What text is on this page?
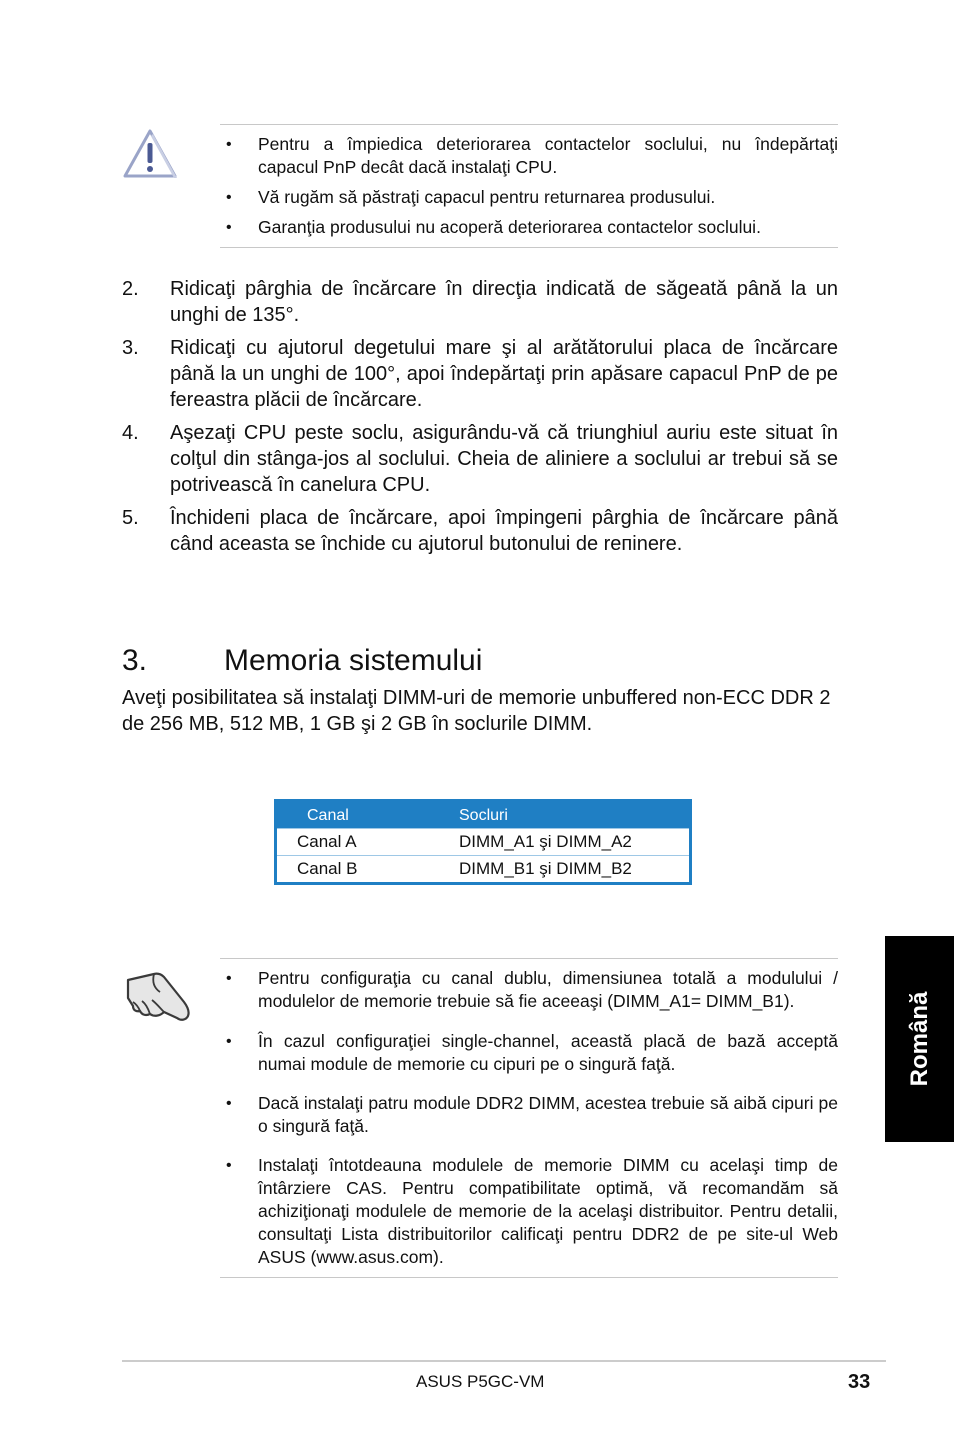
• Pentru a împiedica deteriorarea contactelor soclului, nu îndepărtaţi capacul PnP decât dacă instalaţi CPU.
• Vă rugăm să păstraţi capacul pentru returnarea produsului.
• Garanţia produsului nu acoperă deteriorarea contactelor soclului.
2. Ridicaţi pârghia de încărcare în direcţia indicată de săgeată până la un unghi de 135°.
3. Ridicaţi cu ajutorul degetului mare şi al arătătorului placa de încărcare până la un unghi de 100°, apoi îndepărtaţi prin apăsare capacul PnP de pe fereastra plăcii de încărcare.
4. Aşezaţi CPU peste soclu, asigurându-vă că triunghiul auriu este situat în colţul din stânga-jos al soclului. Cheia de aliniere a soclului ar trebui să se potrivească în canelura CPU.
5. Închideпi placa de încărcare, apoi împingeпi pârghia de încărcare până când aceasta se închide cu ajutorul butonului de reпinere.
3.	Memoria sistemului

Aveţi posibilitatea să instalaţi DIMM-uri de memorie unbuffered non-ECC DDR 2 de 256 MB, 512 MB, 1 GB şi 2 GB în soclurile DIMM.

Canal	Socluri
Canal A	DIMM_A1 şi DIMM_A2
Canal B	DIMM_B1 şi DIMM_B2
• Pentru configuraţia cu canal dublu, dimensiunea totală a modulului / modulelor de memorie trebuie să fie aceeaşi (DIMM_A1= DIMM_B1).
• În cazul configuraţiei single-channel, această placă de bază acceptă numai module de memorie cu cipuri pe o singură faţă.
• Dacă instalaţi patru module DDR2 DIMM, acestea trebuie să aibă cipuri pe o singură faţă.
• Instalaţi întotdeauna modulele de memorie DIMM cu acelaşi timp de întârziere CAS. Pentru compatibilitate optimă, vă recomandăm să achiziţionaţi modulele de memorie de la acelaşi distribuitor. Pentru detalii, consultaţi Lista distribuitorilor calificaţi pentru DDR2 de pe site-ul Web ASUS (www.asus.com).
Română
ASUS P5GC-VM	33
